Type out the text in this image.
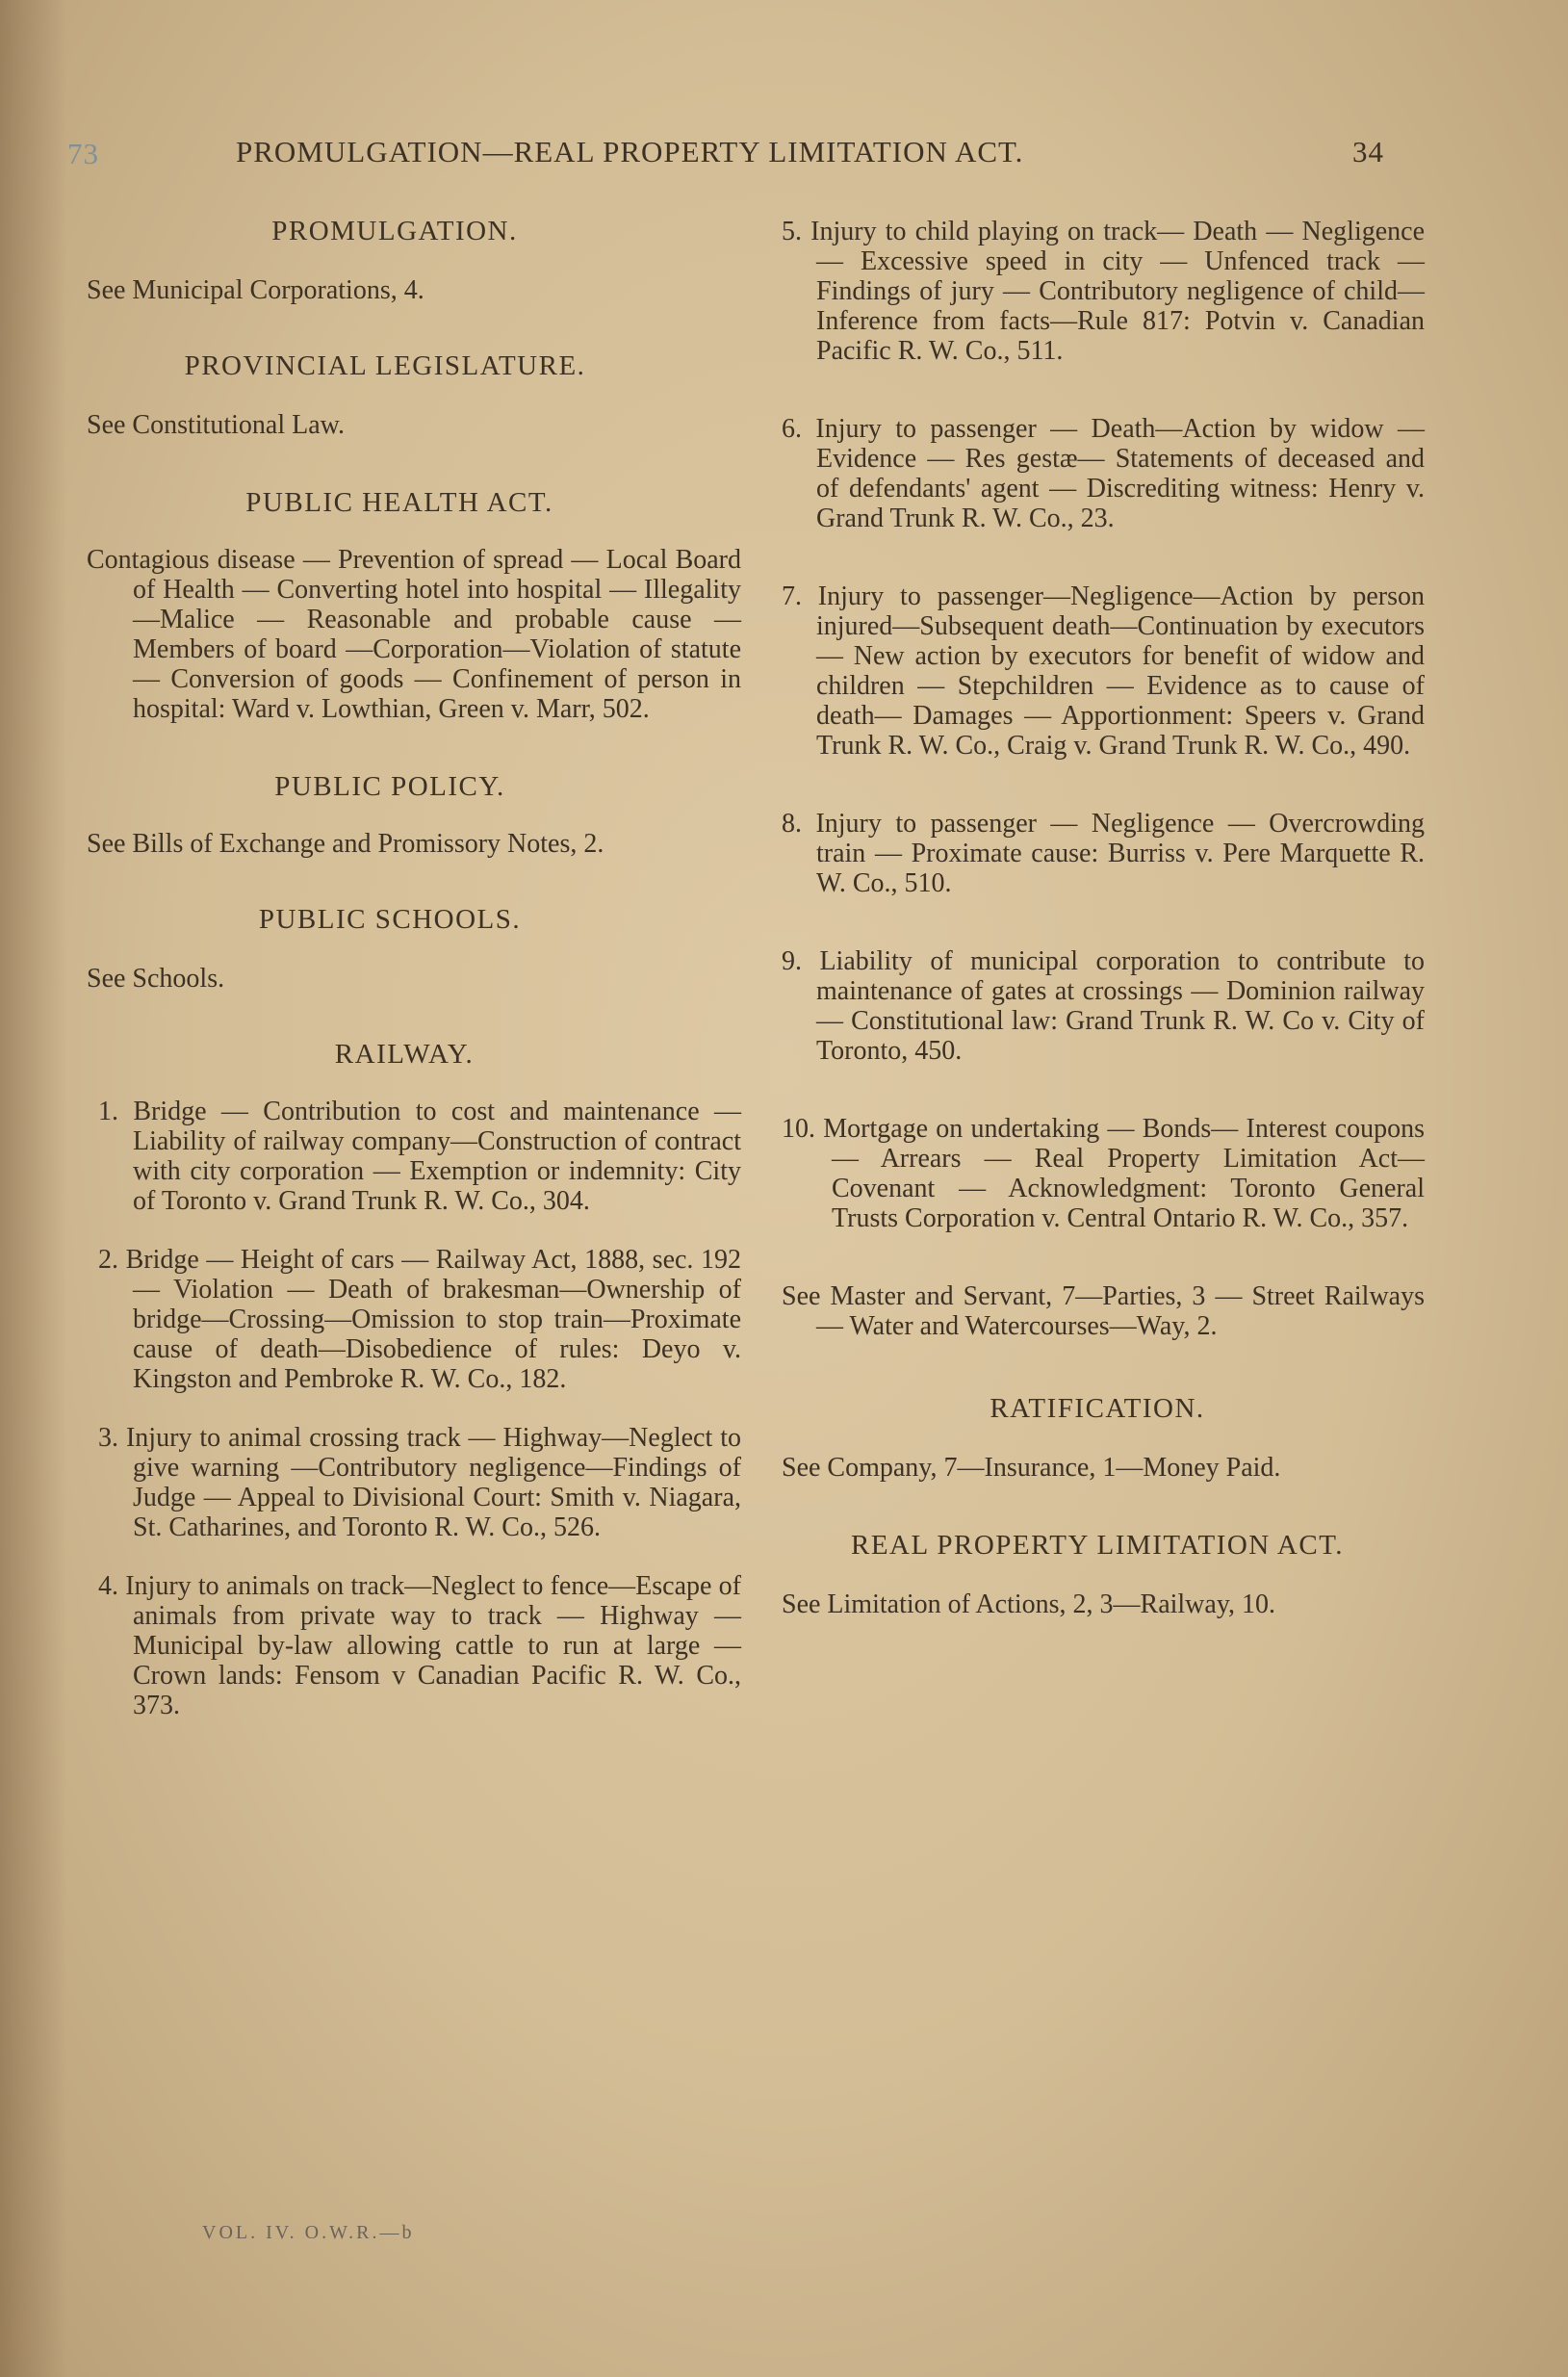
73	PROMULGATION—REAL PROPERTY LIMITATION ACT.	34
PROMULGATION.

See Municipal Corporations, 4.

PROVINCIAL LEGISLATURE.

See Constitutional Law.

PUBLIC HEALTH ACT.

Contagious disease — Prevention of spread — Local Board of Health — Converting hotel into hospital — Illegality—Malice — Reasonable and probable cause — Members of board —Corporation—Violation of statute — Conversion of goods — Confinement of person in hospital: Ward v. Lowthian, Green v. Marr, 502.

PUBLIC POLICY.

See Bills of Exchange and Promissory Notes, 2.

PUBLIC SCHOOLS.

See Schools.

RAILWAY.

1. Bridge — Contribution to cost and maintenance — Liability of railway company—Construction of contract with city corporation — Exemption or indemnity: City of Toronto v. Grand Trunk R. W. Co., 304.

2. Bridge — Height of cars — Railway Act, 1888, sec. 192 — Violation — Death of brakesman—Ownership of bridge—Crossing—Omission to stop train—Proximate cause of death—Disobedience of rules: Deyo v. Kingston and Pembroke R. W. Co., 182.

3. Injury to animal crossing track — Highway—Neglect to give warning —Contributory negligence—Findings of Judge — Appeal to Divisional Court: Smith v. Niagara, St. Catharines, and Toronto R. W. Co., 526.

4. Injury to animals on track—Neglect to fence—Escape of animals from private way to track — Highway — Municipal by-law allowing cattle to run at large — Crown lands: Fensom v Canadian Pacific R. W. Co., 373.

VOL. IV. O.W.R.—b

5. Injury to child playing on track— Death — Negligence — Excessive speed in city — Unfenced track — Findings of jury — Contributory negligence of child—Inference from facts—Rule 817: Potvin v. Canadian Pacific R. W. Co., 511.

6. Injury to passenger — Death—Action by widow — Evidence — Res gestæ— Statements of deceased and of defendants' agent — Discrediting witness: Henry v. Grand Trunk R. W. Co., 23.

7. Injury to passenger—Negligence—Action by person injured—Subsequent death—Continuation by executors— New action by executors for benefit of widow and children — Stepchildren — Evidence as to cause of death— Damages — Apportionment: Speers v. Grand Trunk R. W. Co., Craig v. Grand Trunk R. W. Co., 490.

8. Injury to passenger — Negligence — Overcrowding train — Proximate cause: Burriss v. Pere Marquette R. W. Co., 510.

9. Liability of municipal corporation to contribute to maintenance of gates at crossings — Dominion railway — Constitutional law: Grand Trunk R. W. Co v. City of Toronto, 450.

10. Mortgage on undertaking — Bonds— Interest coupons — Arrears — Real Property Limitation Act—Covenant — Acknowledgment: Toronto General Trusts Corporation v. Central Ontario R. W. Co., 357.

See Master and Servant, 7—Parties, 3 — Street Railways — Water and Watercourses—Way, 2.

RATIFICATION.

See Company, 7—Insurance, 1—Money Paid.

REAL PROPERTY LIMITATION ACT.

See Limitation of Actions, 2, 3—Railway, 10.
